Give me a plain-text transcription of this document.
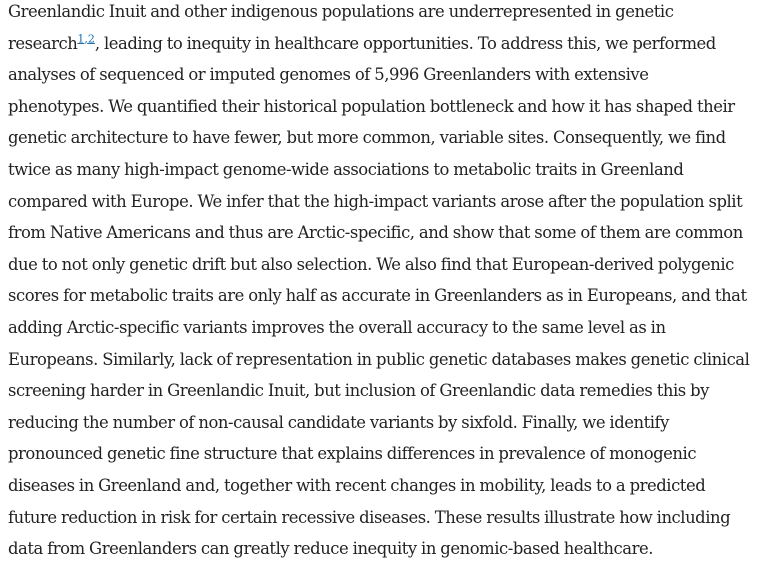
Greenlandic Inuit and other indigenous populations are underrepresented in genetic
research$^{1,2}$, leading to inequity in healthcare opportunities. To address this, we performed
analyses of sequenced or imputed genomes of 5,996 Greenlanders with extensive
phenotypes. We quantified their historical population bottleneck and how it has shaped their
genetic architecture to have fewer, but more common, variable sites. Consequently, we find
twice as many high-impact genome-wide associations to metabolic traits in Greenland
compared with Europe. We infer that the high-impact variants arose after the population split
from Native Americans and thus are Arctic-specific, and show that some of them are common
due to not only genetic drift but also selection. We also find that European-derived polygenic
scores for metabolic traits are only half as accurate in Greenlanders as in Europeans, and that
adding Arctic-specific variants improves the overall accuracy to the same level as in
Europeans. Similarly, lack of representation in public genetic databases makes genetic clinical
screening harder in Greenlandic Inuit, but inclusion of Greenlandic data remedies this by
reducing the number of non-causal candidate variants by sixfold. Finally, we identify
pronounced genetic fine structure that explains differences in prevalence of monogenic
diseases in Greenland and, together with recent changes in mobility, leads to a predicted
future reduction in risk for certain recessive diseases. These results illustrate how including
data from Greenlanders can greatly reduce inequity in genomic-based healthcare.
